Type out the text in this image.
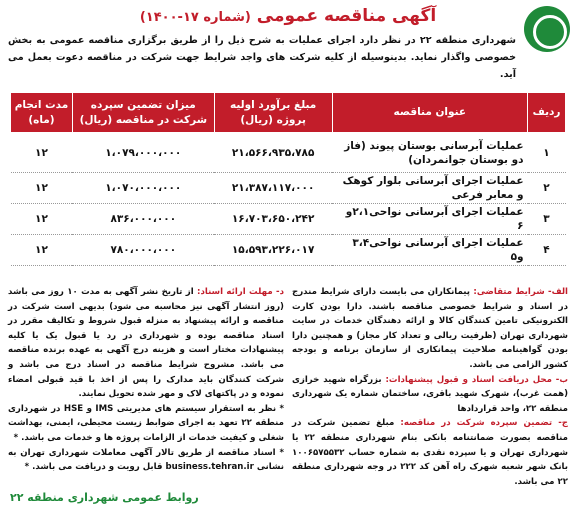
آگهی مناقصه عمومی (شماره ۱۷-۱۴۰۰)
شهرداری منطقه ۲۲ در نظر دارد اجرای عملیات به شرح ذیل را از طریق برگزاری مناقصه عمومی به بخش خصوصی واگذار نماید. بدینوسیله از کلیه شرکت های واجد شرایط جهت شرکت در مناقصه دعوت بعمل می آید.
ردیف	عنوان مناقصه	مبلغ برآورد اولیه پروژه (ریال)	میزان تضمین سپرده شرکت در مناقصه (ریال)	مدت انجام (ماه)
۱	عملیات آبرسانی بوستان پیوند (فاز دو بوستان جوانمردان)	۲۱،۵۶۶،۹۳۵،۷۸۵	۱،۰۷۹،۰۰۰،۰۰۰	۱۲
۲	عملیات اجرای آبرسانی بلوار کوهک و معابر فرعی	۲۱،۳۸۷،۱۱۷،۰۰۰	۱،۰۷۰،۰۰۰،۰۰۰	۱۲
۳	عملیات اجرای آبرسانی نواحی۲،۱و ۶	۱۶،۷۰۳،۶۵۰،۲۴۲	۸۳۶،۰۰۰،۰۰۰	۱۲
۴	عملیات اجرای آبرسانی نواحی۳،۴ و۵	۱۵،۵۹۳،۲۲۶،۰۱۷	۷۸۰،۰۰۰،۰۰۰	۱۲
الف- شرایط متقاضی: پیمانکاران می بایست دارای شرایط مندرج در اسناد و شرایط خصوصی مناقصه باشند. دارا بودن کارت الکترونیکی تامین کنندگان کالا و ارائه دهندگان خدمات در سایت شهرداری تهران (ظرفیت ریالی و تعداد کار مجاز) و همچنین دارا بودن گواهینامه صلاحیت پیمانکاری از سازمان برنامه و بودجه کشور الزامی می باشد.
ب- محل دریافت اسناد و قبول پیشنهادات: بزرگراه شهید خرازی (همت غرب)، شهرک شهید باقری، ساختمان شماره یک شهرداری منطقه ۲۲، واحد قراردادها
ج- تضمین سپرده شرکت در مناقصه: مبلغ تضمین شرکت در مناقصه بصورت ضمانتنامه بانکی بنام شهرداری منطقه ۲۲ یا شهرداری تهران و یا سپرده نقدی به شماره حساب ۱۰۰۶۵۷۵۵۳۲ بانک شهر شعبه شهرک راه آهن کد ۲۲۲ در وجه شهرداری منطقه ۲۲ می باشد.
د- مهلت ارائه اسناد: از تاریخ نشر آگهی به مدت ۱۰ روز می باشد (روز انتشار آگهی نیز محاسبه می شود) بدیهی است شرکت در مناقصه و ارائه پیشنهاد به منزله قبول شروط و تکالیف مقرر در اسناد مناقصه بوده و شهرداری در رد یا قبول یک یا کلیه پیشنهادات مختار است و هزینه درج آگهی به عهده برنده مناقصه می باشد. مشروح شرایط مناقصه در اسناد درج می باشد و شرکت کنندگان باید مدارک را پس از اخذ با قید قبولی امضاء نموده و در پاکتهای لاک و مهر شده تحویل نمایند.
* نظر به استقرار سیستم های مدیریتی IMS و HSE در شهرداری منطقه ۲۲ تعهد به اجرای ضوابط زیست محیطی، ایمنی، بهداشت شغلی و کیفیت خدمات از الزامات پروژه ها و خدمات می باشد. *
* اسناد مناقصه از طریق تالار آگهی معاملات شهرداری تهران به نشانی business.tehran.ir قابل رویت و دریافت می باشد. *
روابط عمومی شهرداری منطقه ۲۲
